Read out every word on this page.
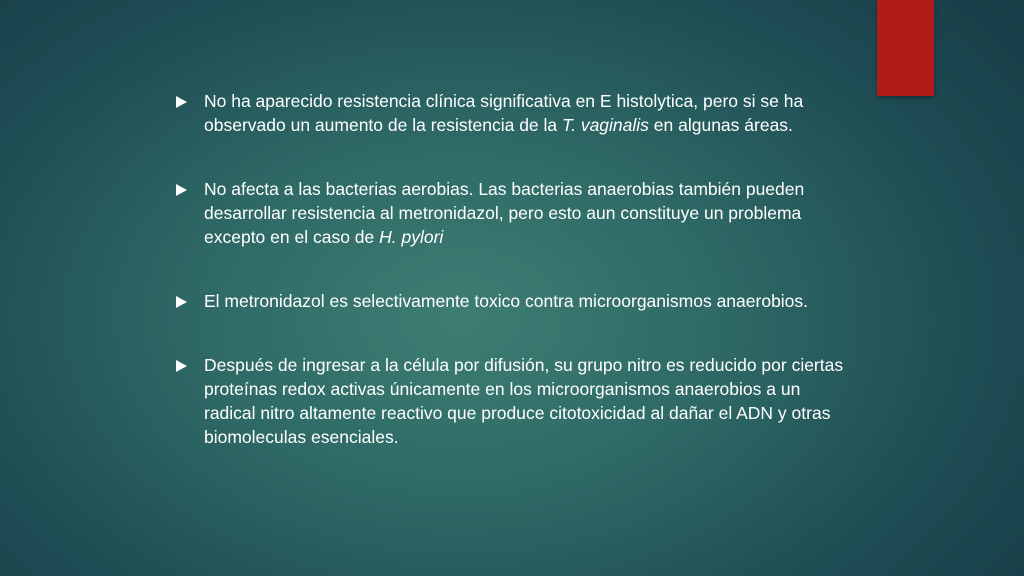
No ha aparecido resistencia clínica significativa en E histolytica, pero si se ha observado un aumento de la resistencia de la T. vaginalis en algunas áreas.
No afecta a las bacterias aerobias. Las bacterias anaerobias también pueden desarrollar resistencia al metronidazol, pero esto aun constituye un problema excepto en el caso de H. pylori
El metronidazol es selectivamente toxico contra microorganismos anaerobios.
Después de ingresar a la célula por difusión, su grupo nitro es reducido por ciertas proteínas redox activas únicamente en los microorganismos anaerobios a un radical nitro altamente reactivo que produce citotoxicidad al dañar el ADN y otras biomoleculas esenciales.
